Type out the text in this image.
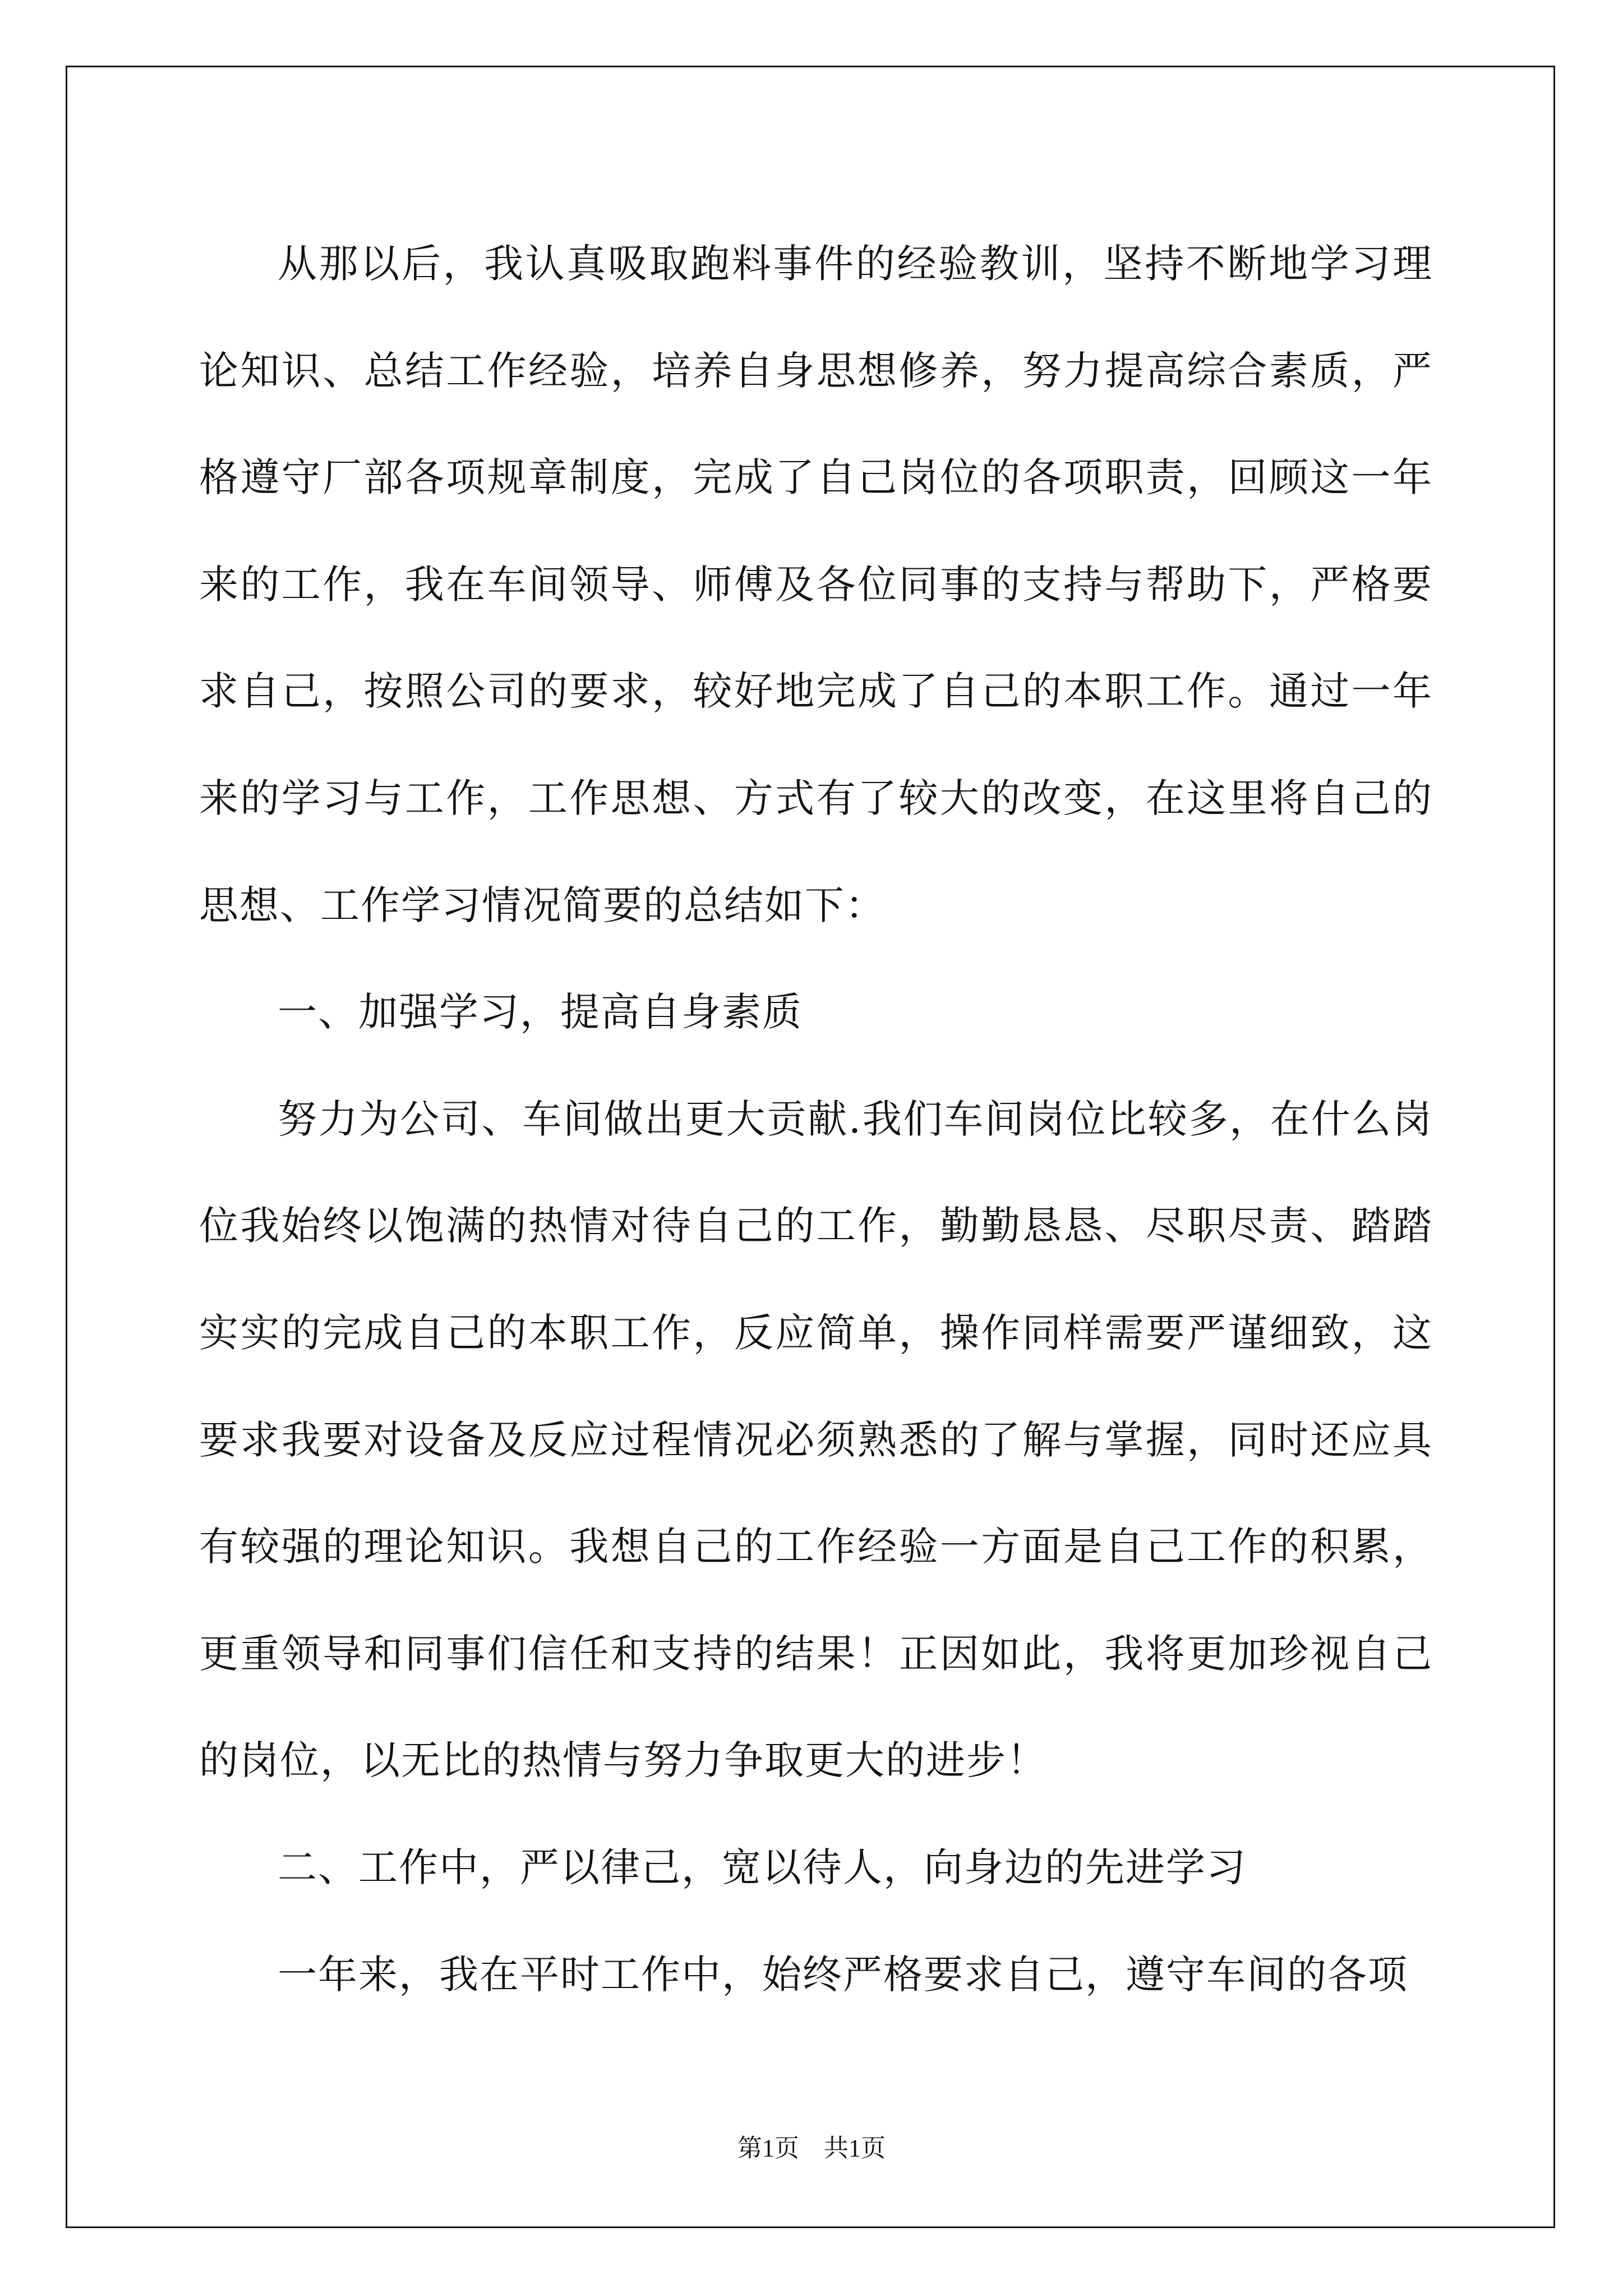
从那以后，我认真吸取跑料事件的经验教训，坚持不断地学习理论知识、总结工作经验，培养自身思想修养，努力提高综合素质，严格遵守厂部各项规章制度，完成了自己岗位的各项职责，回顾这一年来的工作，我在车间领导、师傅及各位同事的支持与帮助下，严格要求自己，按照公司的要求，较好地完成了自己的本职工作。通过一年来的学习与工作，工作思想、方式有了较大的改变，在这里将自己的思想、工作学习情况简要的总结如下：

一、加强学习，提高自身素质

努力为公司、车间做出更大贡献.我们车间岗位比较多，在什么岗位我始终以饱满的热情对待自己的工作，勤勤恳恳、尽职尽责、踏踏实实的完成自己的本职工作，反应简单，操作同样需要严谨细致，这要求我要对设备及反应过程情况必须熟悉的了解与掌握，同时还应具有较强的理论知识。我想自己的工作经验一方面是自己工作的积累，更重领导和同事们信任和支持的结果！正因如此，我将更加珍视自己的岗位，以无比的热情与努力争取更大的进步！

二、工作中，严以律己，宽以待人，向身边的先进学习

一年来，我在平时工作中，始终严格要求自己，遵守车间的各项

第1页 共1页
